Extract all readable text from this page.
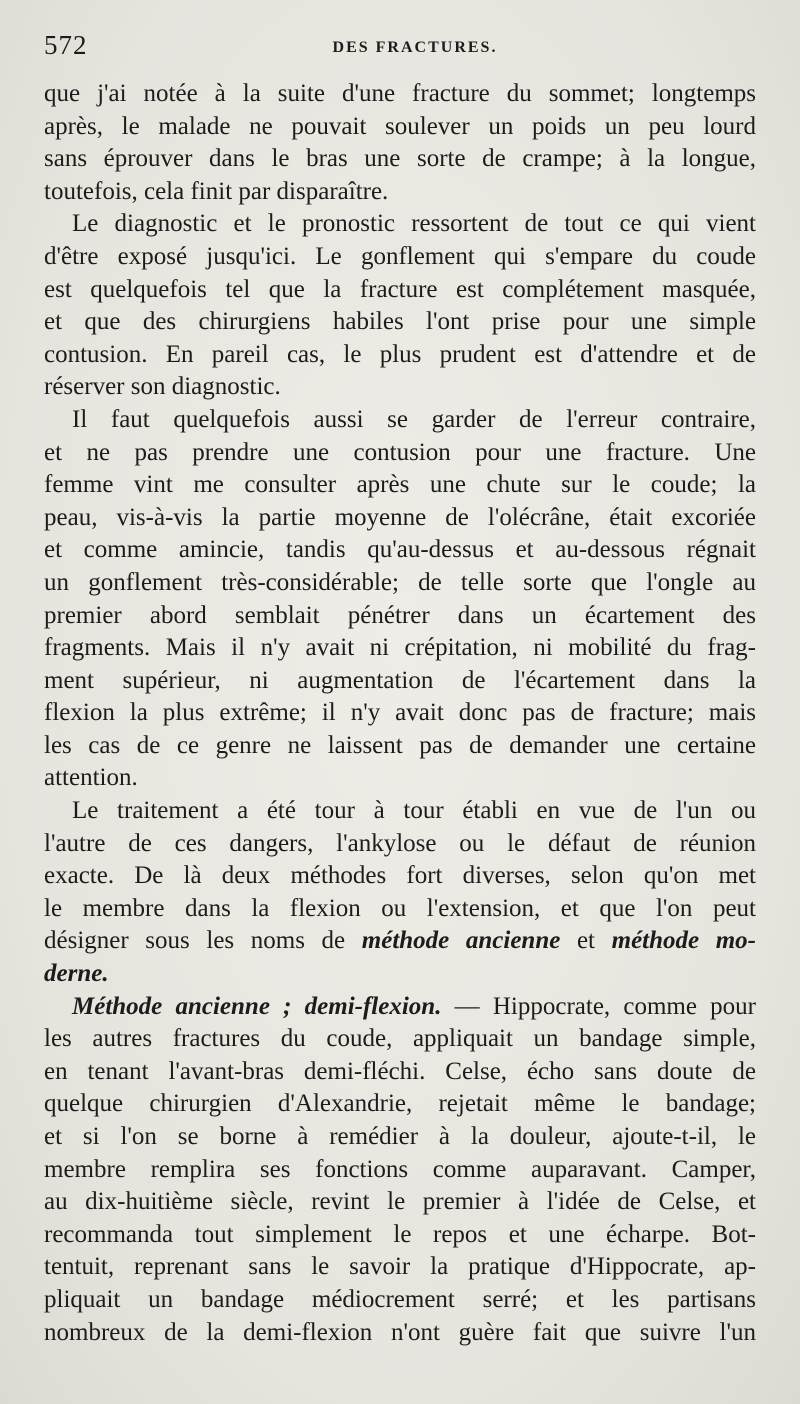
572	DES FRACTURES.

que j'ai notée à la suite d'une fracture du sommet; longtemps
après, le malade ne pouvait soulever un poids un peu lourd
sans éprouver dans le bras une sorte de crampe; à la longue,
toutefois, cela finit par disparaître.

Le diagnostic et le pronostic ressortent de tout ce qui vient
d'être exposé jusqu'ici. Le gonflement qui s'empare du coude
est quelquefois tel que la fracture est complétement masquée,
et que des chirurgiens habiles l'ont prise pour une simple
contusion. En pareil cas, le plus prudent est d'attendre et de
réserver son diagnostic.

Il faut quelquefois aussi se garder de l'erreur contraire,
et ne pas prendre une contusion pour une fracture. Une
femme vint me consulter après une chute sur le coude; la
peau, vis-à-vis la partie moyenne de l'olécrâne, était excoriée
et comme amincie, tandis qu'au-dessus et au-dessous régnait
un gonflement très-considérable; de telle sorte que l'ongle au
premier abord semblait pénétrer dans un écartement des
fragments. Mais il n'y avait ni crépitation, ni mobilité du frag-
ment supérieur, ni augmentation de l'écartement dans la
flexion la plus extrême; il n'y avait donc pas de fracture; mais
les cas de ce genre ne laissent pas de demander une certaine
attention.

Le traitement a été tour à tour établi en vue de l'un ou
l'autre de ces dangers, l'ankylose ou le défaut de réunion
exacte. De là deux méthodes fort diverses, selon qu'on met
le membre dans la flexion ou l'extension, et que l'on peut
désigner sous les noms de méthode ancienne et méthode mo-
derne.

Méthode ancienne ; demi-flexion. — Hippocrate, comme pour
les autres fractures du coude, appliquait un bandage simple,
en tenant l'avant-bras demi-fléchi. Celse, écho sans doute de
quelque chirurgien d'Alexandrie, rejetait même le bandage;
et si l'on se borne à remédier à la douleur, ajoute-t-il, le
membre remplira ses fonctions comme auparavant. Camper,
au dix-huitième siècle, revint le premier à l'idée de Celse, et
recommanda tout simplement le repos et une écharpe. Bot-
tentuit, reprenant sans le savoir la pratique d'Hippocrate, ap-
pliquait un bandage médiocrement serré; et les partisans
nombreux de la demi-flexion n'ont guère fait que suivre l'un
